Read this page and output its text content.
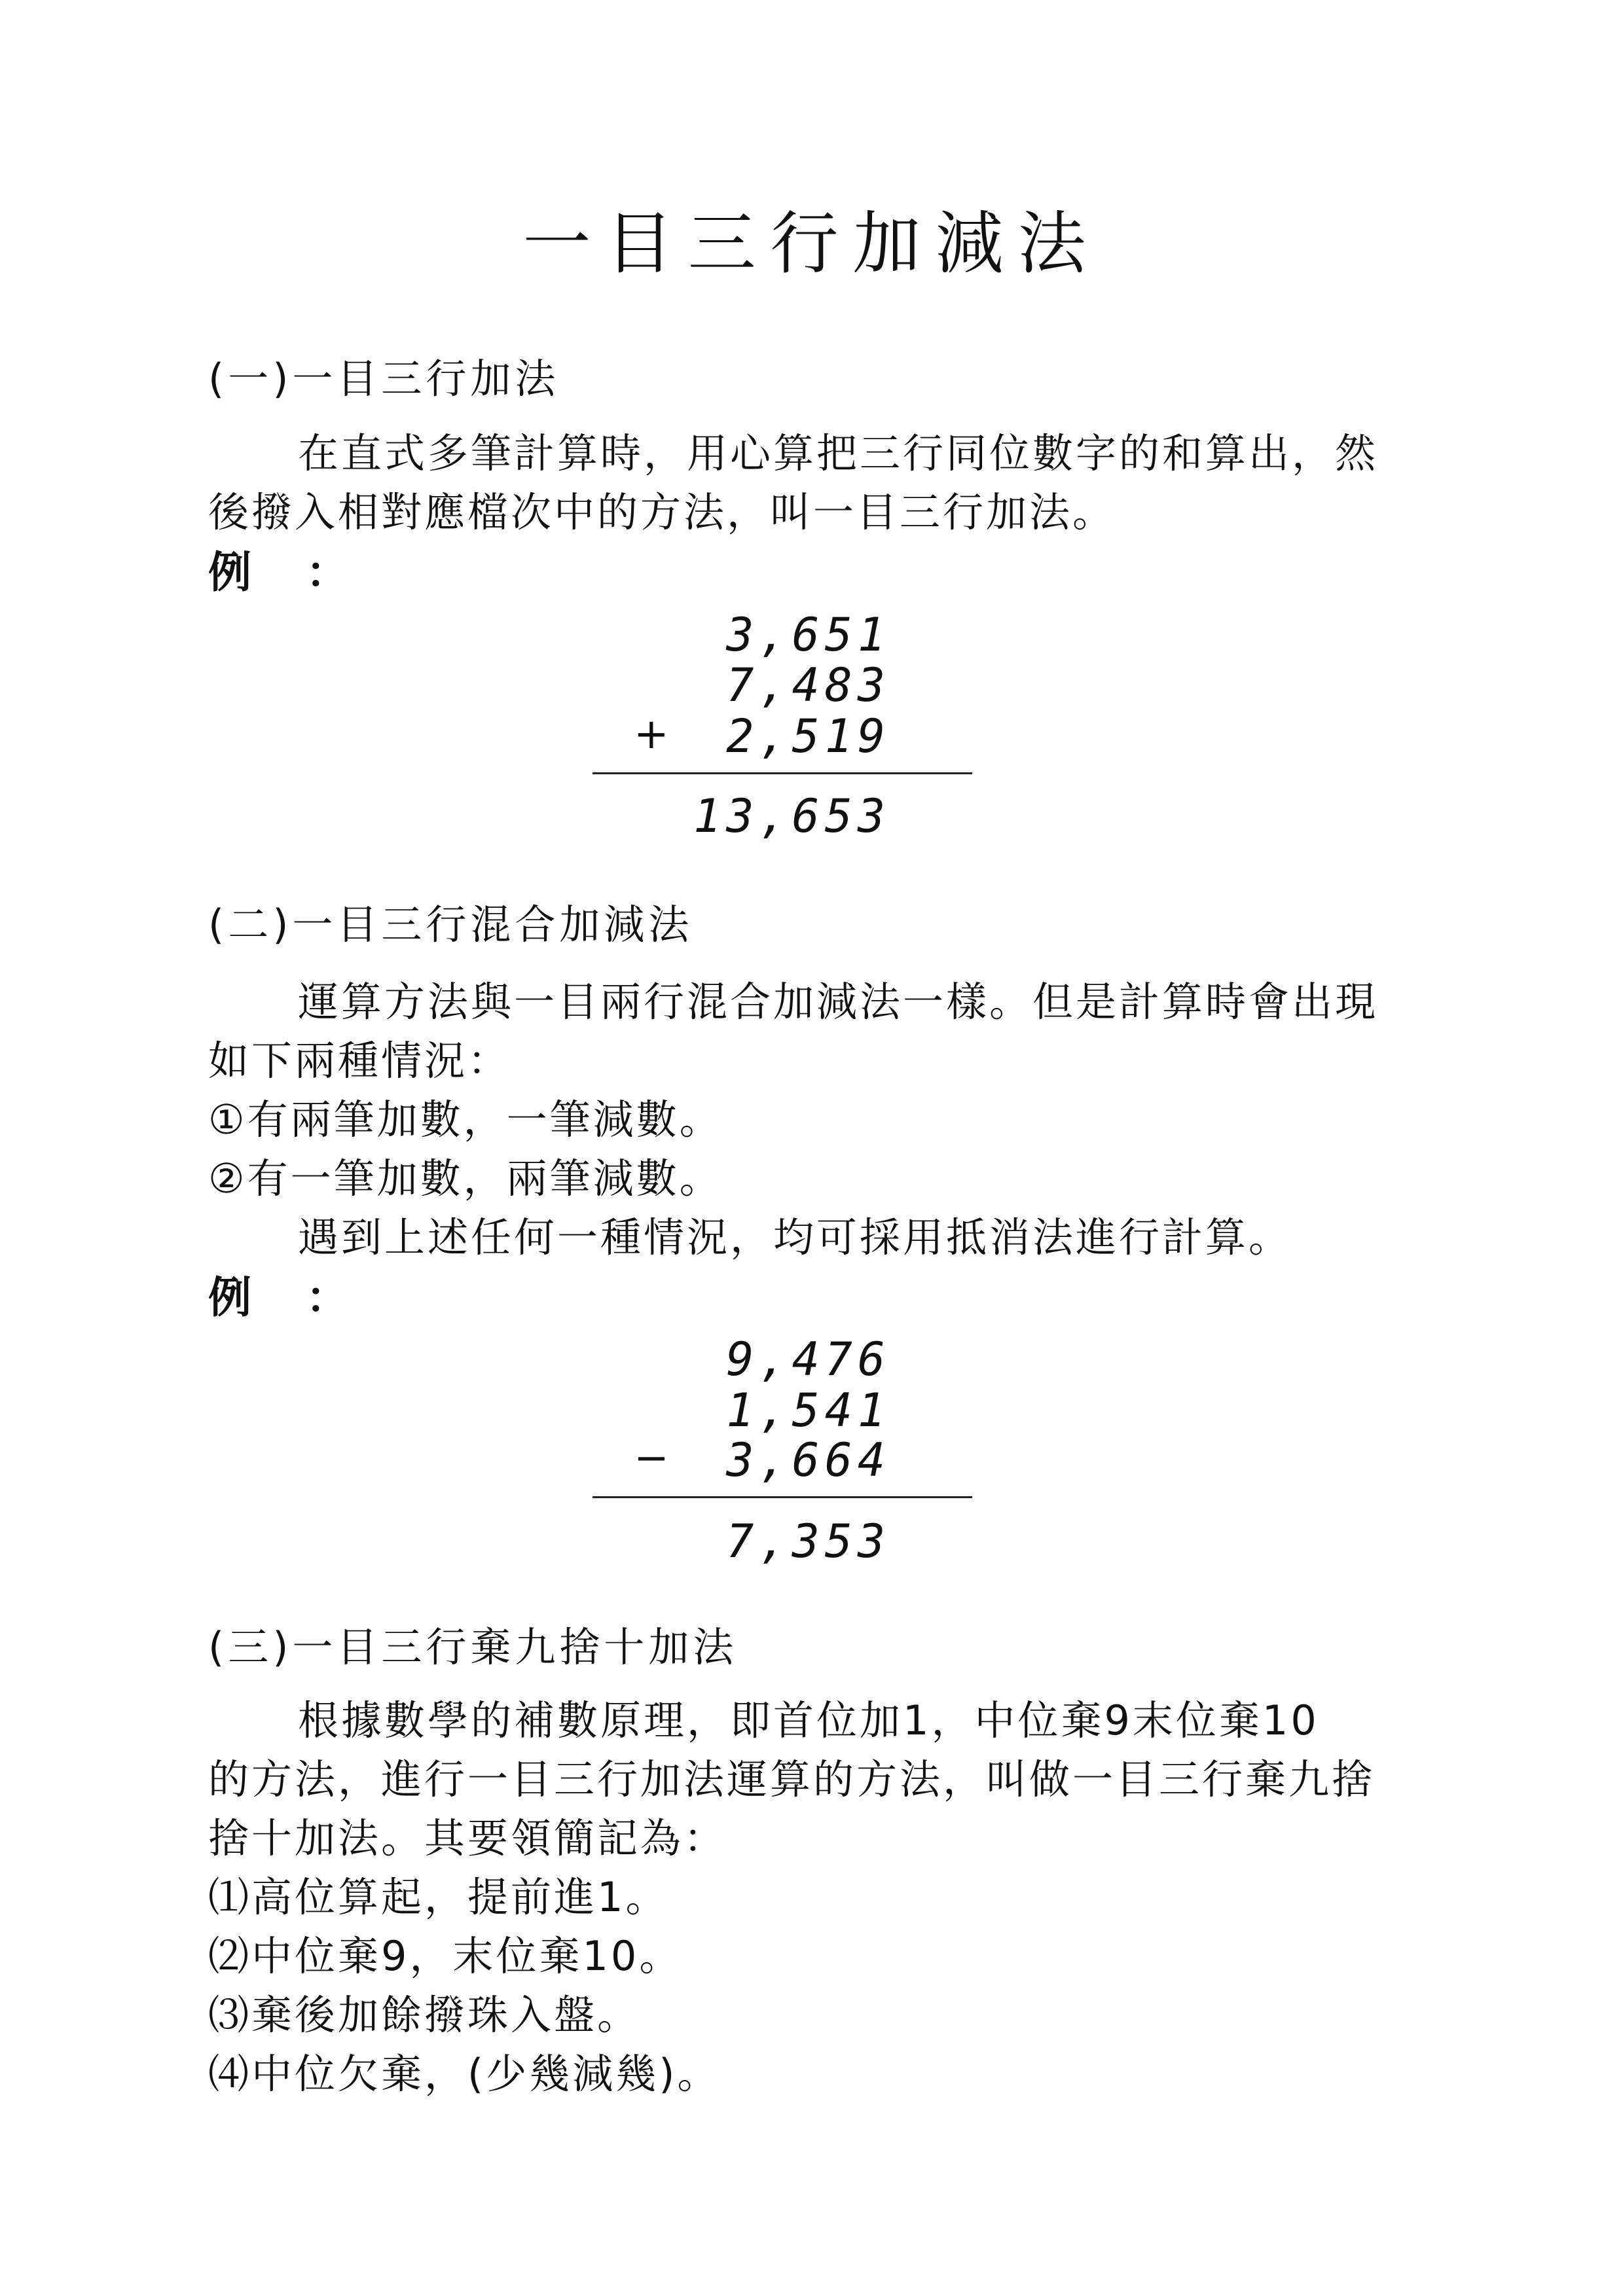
一目三行加減法
(一)一目三行加法
在直式多筆計算時，用心算把三行同位數字的和算出，然
後撥入相對應檔次中的方法，叫一目三行加法。
例 ：
3,651
7,483
+	2,519
13,653
(二)一目三行混合加減法
運算方法與一目兩行混合加減法一樣。但是計算時會出現
如下兩種情況：
①有兩筆加數，一筆減數。
②有一筆加數，兩筆減數。
遇到上述任何一種情況，均可採用抵消法進行計算。
例 ：
9,476
1,541
−	3,664
7,353
(三)一目三行棄九捨十加法
根據數學的補數原理，即首位加1，中位棄9末位棄10
的方法，進行一目三行加法運算的方法，叫做一目三行棄九捨
捨十加法。其要領簡記為：
⑴高位算起，提前進1。
⑵中位棄9，末位棄10。
⑶棄後加餘撥珠入盤。
⑷中位欠棄，(少幾減幾)。
